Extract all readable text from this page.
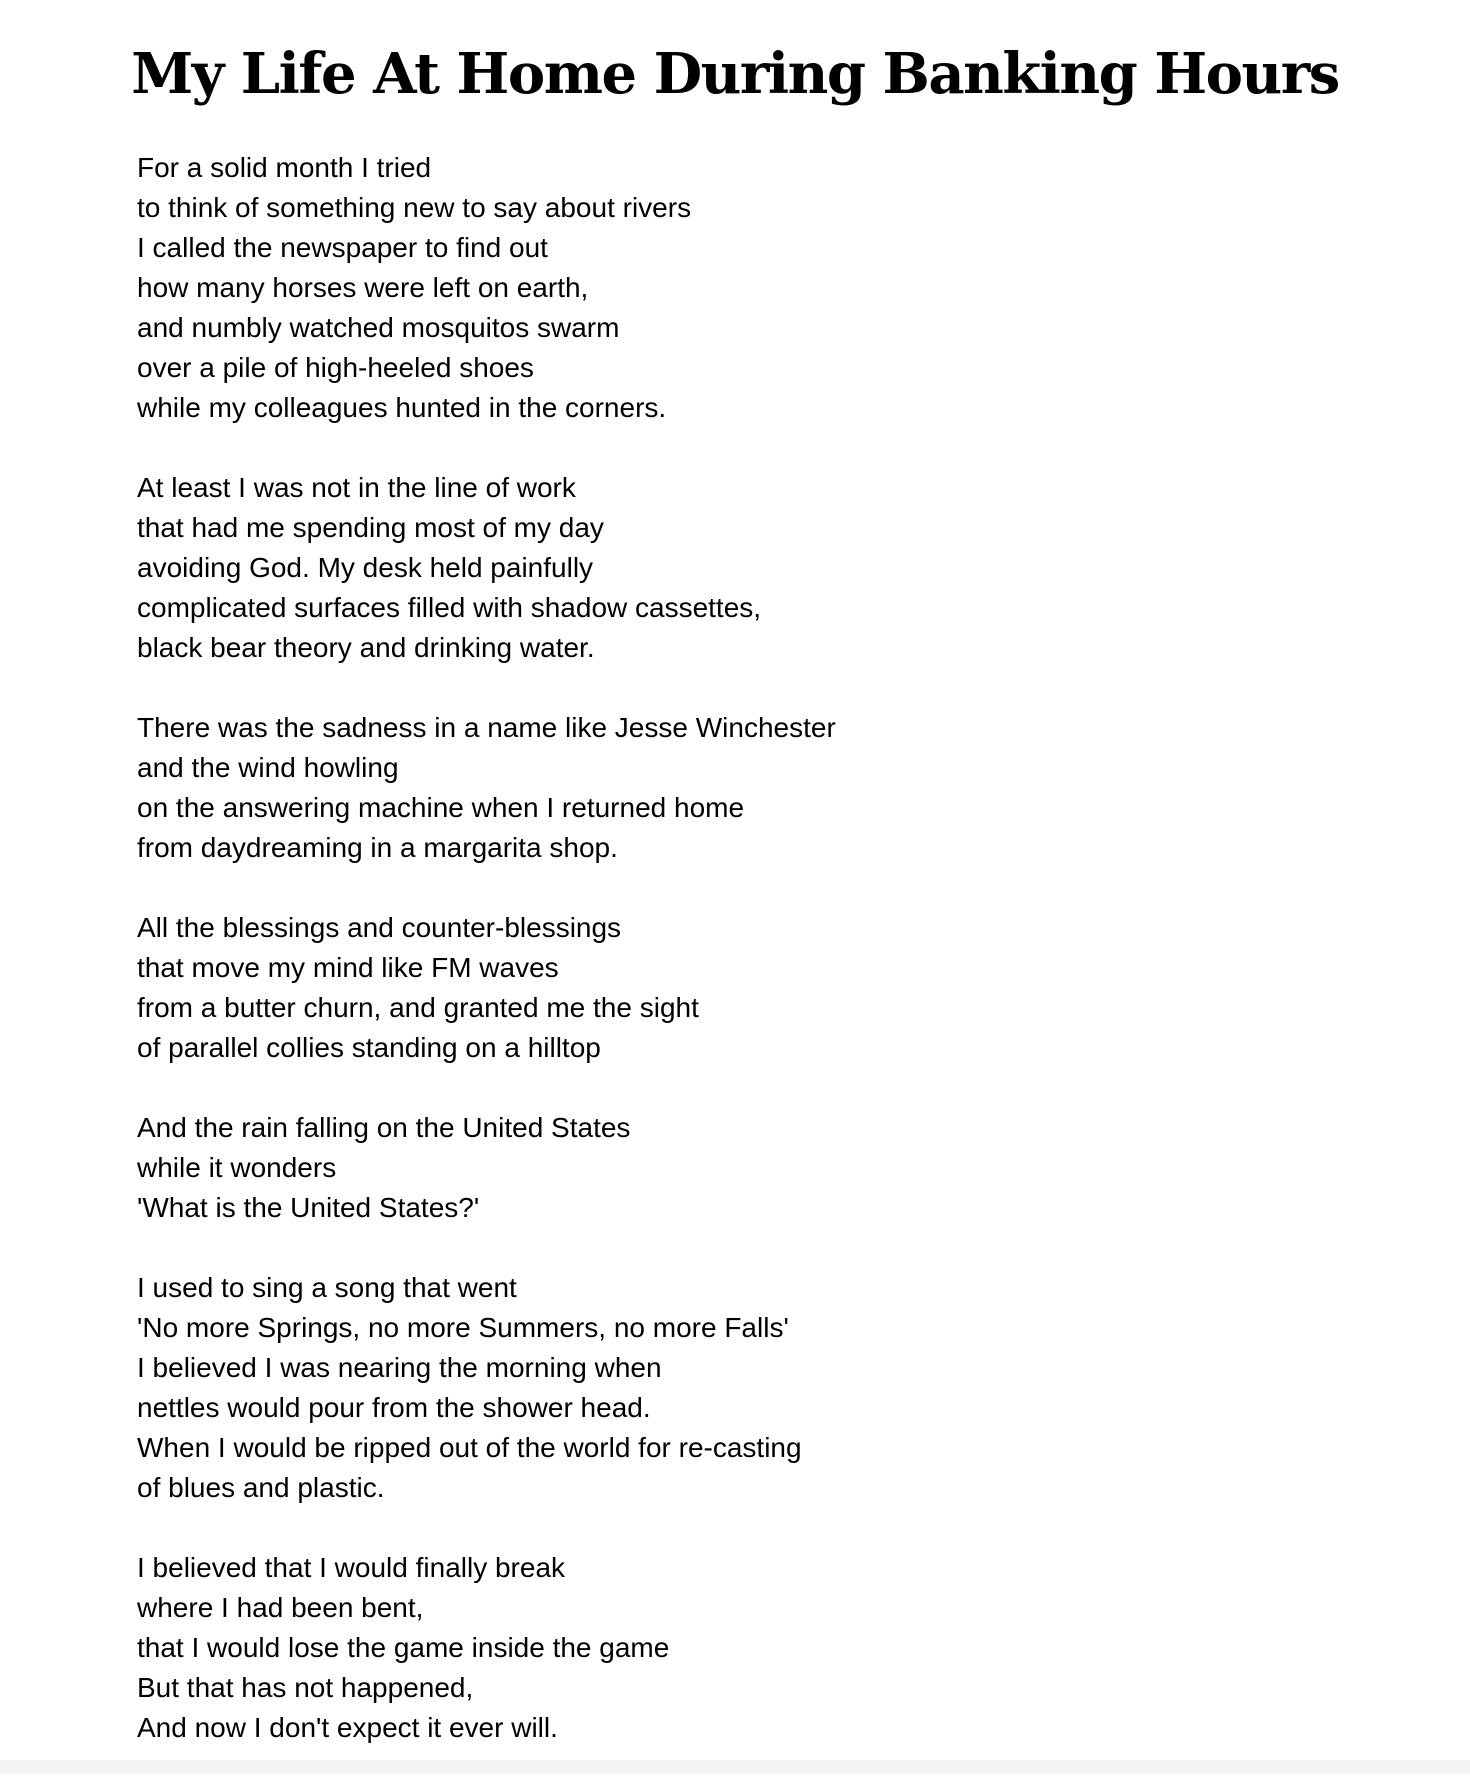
My Life At Home During Banking Hours
For a solid month I tried
to think of something new to say about rivers
I called the newspaper to find out
how many horses were left on earth,
and numbly watched mosquitos swarm
over a pile of high-heeled shoes
while my colleagues hunted in the corners.
At least I was not in the line of work
that had me spending most of my day
avoiding God. My desk held painfully
complicated surfaces filled with shadow cassettes,
black bear theory and drinking water.
There was the sadness in a name like Jesse Winchester
and the wind howling
on the answering machine when I returned home
from daydreaming in a margarita shop.
All the blessings and counter-blessings
that move my mind like FM waves
from a butter churn, and granted me the sight
of parallel collies standing on a hilltop
And the rain falling on the United States
while it wonders
'What is the United States?'
I used to sing a song that went
'No more Springs, no more Summers, no more Falls'
I believed I was nearing the morning when
nettles would pour from the shower head.
When I would be ripped out of the world for re-casting
of blues and plastic.
I believed that I would finally break
where I had been bent,
that I would lose the game inside the game
But that has not happened,
And now I don't expect it ever will.
